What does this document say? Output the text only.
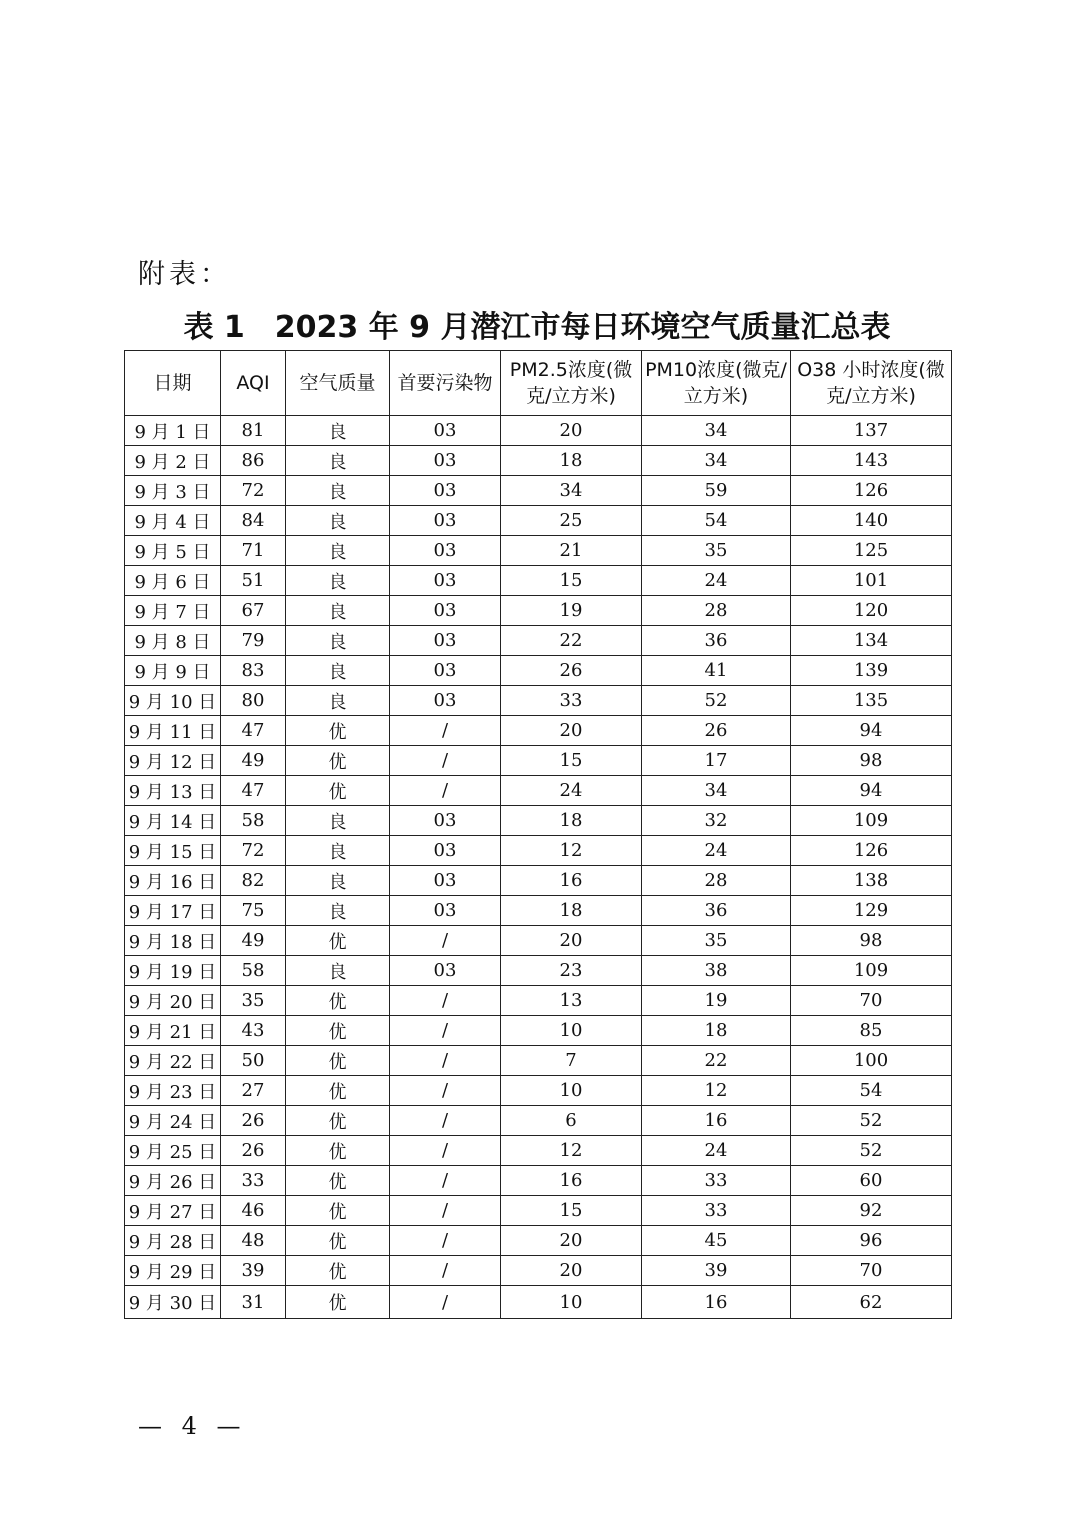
附表：
表 1　2023 年 9 月潜江市每日环境空气质量汇总表
日期	AQI	空气质量	首要污染物	PM2.5浓度(微克/立方米)	PM10浓度(微克/立方米)	O38 小时浓度(微克/立方米)
9 月 1 日	81	良	03	20	34	137
9 月 2 日	86	良	03	18	34	143
9 月 3 日	72	良	03	34	59	126
9 月 4 日	84	良	03	25	54	140
9 月 5 日	71	良	03	21	35	125
9 月 6 日	51	良	03	15	24	101
9 月 7 日	67	良	03	19	28	120
9 月 8 日	79	良	03	22	36	134
9 月 9 日	83	良	03	26	41	139
9 月 10 日	80	良	03	33	52	135
9 月 11 日	47	优	/	20	26	94
9 月 12 日	49	优	/	15	17	98
9 月 13 日	47	优	/	24	34	94
9 月 14 日	58	良	03	18	32	109
9 月 15 日	72	良	03	12	24	126
9 月 16 日	82	良	03	16	28	138
9 月 17 日	75	良	03	18	36	129
9 月 18 日	49	优	/	20	35	98
9 月 19 日	58	良	03	23	38	109
9 月 20 日	35	优	/	13	19	70
9 月 21 日	43	优	/	10	18	85
9 月 22 日	50	优	/	7	22	100
9 月 23 日	27	优	/	10	12	54
9 月 24 日	26	优	/	6	16	52
9 月 25 日	26	优	/	12	24	52
9 月 26 日	33	优	/	16	33	60
9 月 27 日	46	优	/	15	33	92
9 月 28 日	48	优	/	20	45	96
9 月 29 日	39	优	/	20	39	70
9 月 30 日	31	优	/	10	16	62
— 4 —
